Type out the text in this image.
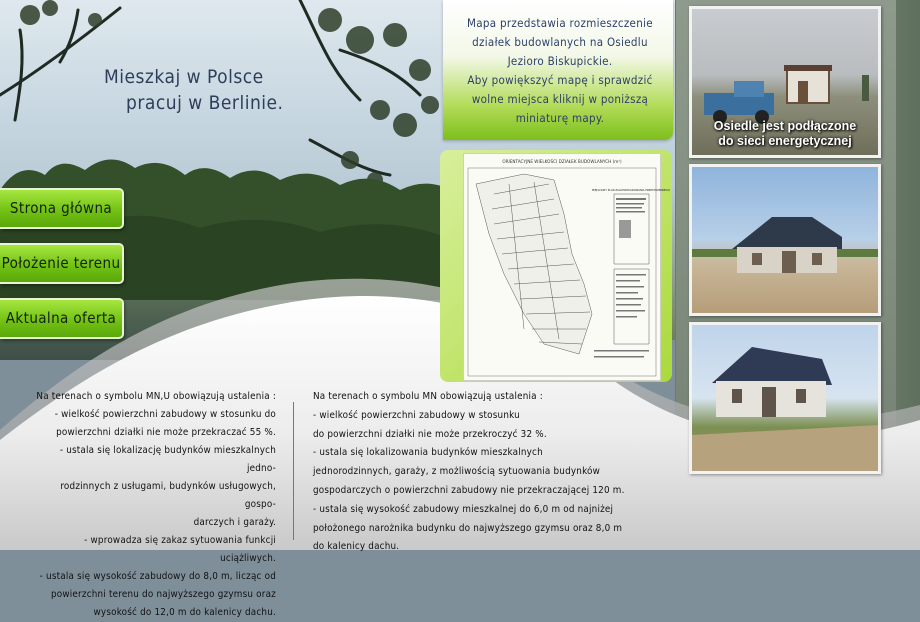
Mieszkaj w Polsce
pracuj w Berlinie.
Strona główna
Położenie terenu
Aktualna oferta
Mapa przedstawia rozmieszczenie
działek budowlanych na Osiedlu
Jezioro Biskupickie.
Aby powiększyć mapę i sprawdzić
wolne miejsca kliknij w poniższą
miniaturę mapy.
ORIENTACYJNE WIELKOŚCI DZIAŁEK BUDOWLANYCH (m²)
MIEJSCOWY PLAN ZAGOSPODAROWANIA PRZESTRZENNEGO
Osiedle jest podłączone
do sieci energetycznej

Na terenach o symbolu MN,U obowiązują ustalenia :

- wielkość powierzchni zabudowy w stosunku do

powierzchni działki nie może przekraczać 55 %.

- ustala się lokalizację budynków mieszkalnych jedno-

rodzinnych z usługami, budynków usługowych, gospo-

darczych i garaży.

- wprowadza się zakaz sytuowania funkcji uciążliwych.

- ustala się wysokość zabudowy do 8,0 m, licząc od

powierzchni terenu do najwyższego gzymsu oraz

wysokość do 12,0 m do kalenicy dachu.

Na terenach o symbolu MN obowiązują ustalenia :

- wielkość powierzchni zabudowy w stosunku

do powierzchni działki nie może przekroczyć 32 %.

- ustala się lokalizowania budynków mieszkalnych

jednorodzinnych, garaży, z możliwością sytuowania budynków

gospodarczych o powierzchni zabudowy nie przekraczającej 120 m.

- ustala się wysokość zabudowy mieszkalnej do 6,0 m od najniżej

położonego narożnika budynku do najwyższego gzymsu oraz 8,0 m

do kalenicy dachu.
